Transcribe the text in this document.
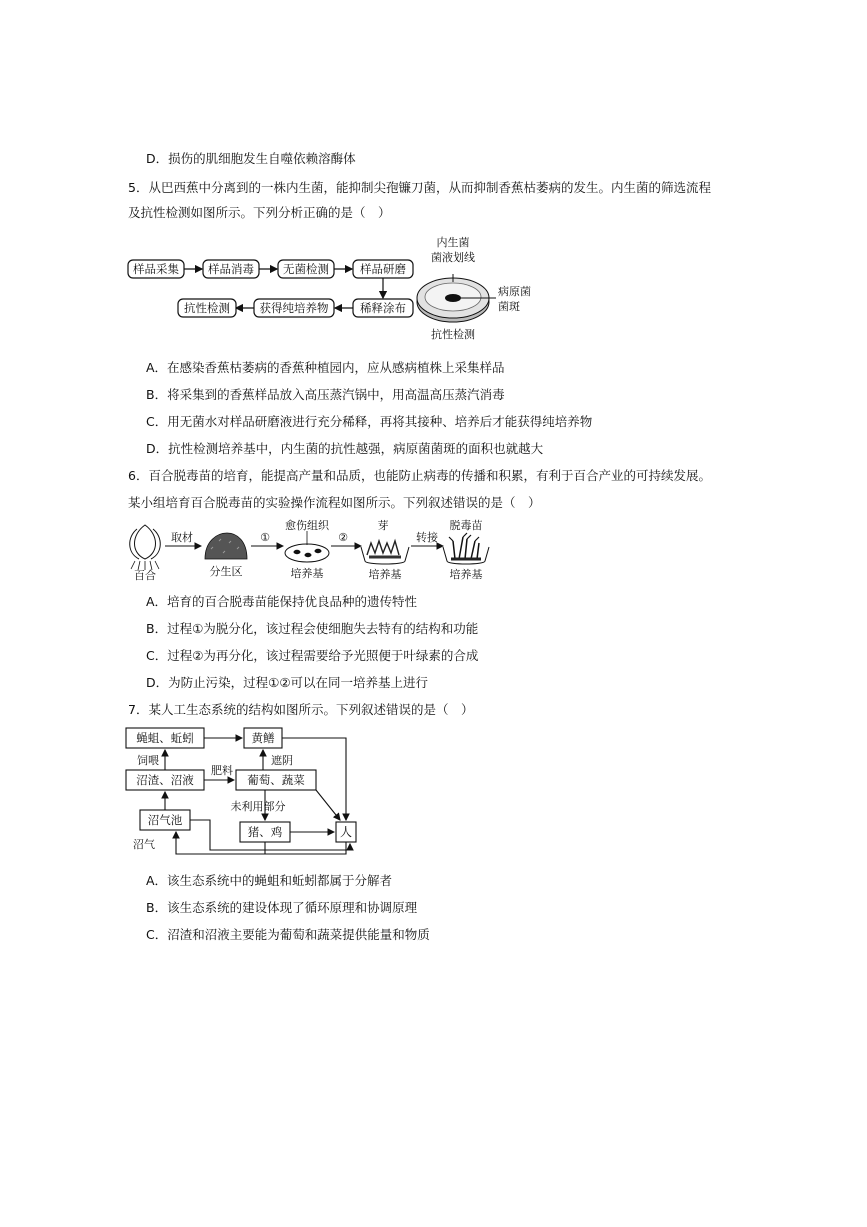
D．损伤的肌细胞发生自噬依赖溶酶体
5．从巴西蕉中分离到的一株内生菌，能抑制尖孢镰刀菌，从而抑制香蕉枯萎病的发生。内生菌的筛选流程
及抗性检测如图所示。下列分析正确的是（　）
样品采集	样品消毒	无菌检测	样品研磨
稀释涂布
获得纯培养物
抗性检测
内生菌
菌液划线
病原菌
菌斑
抗性检测
A．在感染香蕉枯萎病的香蕉种植园内，应从感病植株上采集样品
B．将采集到的香蕉样品放入高压蒸汽锅中，用高温高压蒸汽消毒
C．用无菌水对样品研磨液进行充分稀释，再将其接种、培养后才能获得纯培养物
D．抗性检测培养基中，内生菌的抗性越强，病原菌菌斑的面积也就越大
6．百合脱毒苗的培育，能提高产量和品质，也能防止病毒的传播和积累，有利于百合产业的可持续发展。
某小组培育百合脱毒苗的实验操作流程如图所示。下列叙述错误的是（　）
百合
取材
分生区
①
愈伤组织
培养基
②
芽
培养基
转接
脱毒苗
培养基
A．培育的百合脱毒苗能保持优良品种的遗传特性
B．过程①为脱分化，该过程会使细胞失去特有的结构和功能
C．过程②为再分化，该过程需要给予光照便于叶绿素的合成
D．为防止污染，过程①②可以在同一培养基上进行
7．某人工生态系统的结构如图所示。下列叙述错误的是（　）
蝇蛆、蚯蚓	黄鳝
沼渣、沼液	葡萄、蔬菜
沼气池
猪、鸡	人
饲喂	遮阴
肥料
未利用部分
沼气
A．该生态系统中的蝇蛆和蚯蚓都属于分解者
B．该生态系统的建设体现了循环原理和协调原理
C．沼渣和沼液主要能为葡萄和蔬菜提供能量和物质
